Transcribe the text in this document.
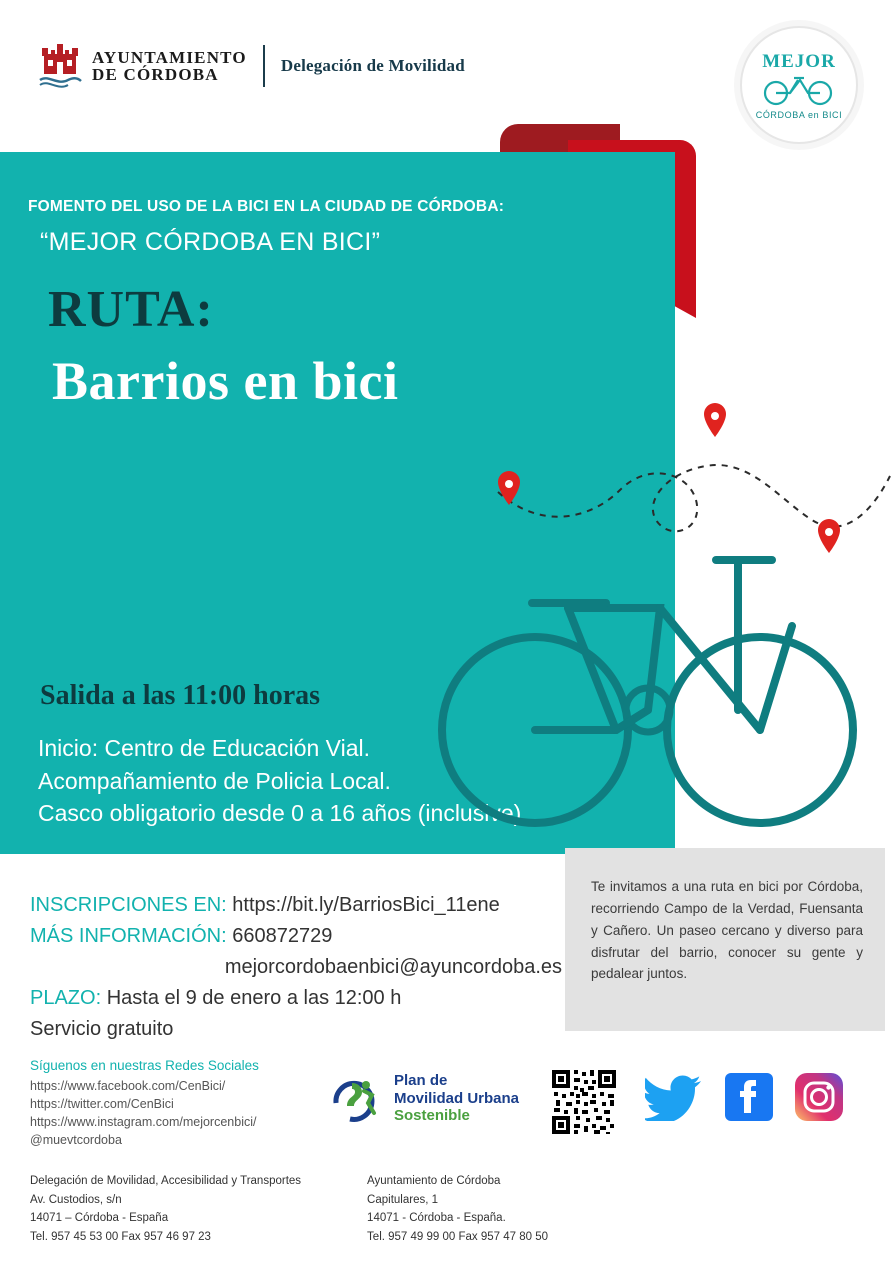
AYUNTAMIENTO
DE CÓRDOBA	Delegación de Movilidad	MEJOR
CÓRDOBA en BICI
FOMENTO DEL USO DE LA BICI EN LA CIUDAD DE CÓRDOBA:
“MEJOR CÓRDOBA EN BICI”
RUTA:
Barrios en bici
Salida a las 11:00 horas
Inicio: Centro de Educación Vial.
Acompañamiento de Policia Local.
Casco obligatorio desde 0 a 16 años (inclusive).

Te invitamos a una ruta en bici por Córdoba, recorriendo Campo de la Verdad, Fuensanta y Cañero. Un paseo cercano y diverso para disfrutar del barrio, conocer su gente y pedalear juntos.

INSCRIPCIONES EN: https://bit.ly/BarriosBici_11ene
MÁS INFORMACIÓN: 660872729
mejorcordobaenbici@ayuncordoba.es
PLAZO: Hasta el 9 de enero a las 12:00 h
Servicio gratuito
Síguenos en nuestras Redes Sociales
https://www.facebook.com/CenBici/
https://twitter.com/CenBici
https://www.instagram.com/mejorcenbici/
@muevtcordoba
Plan de
Movilidad Urbana
Sostenible
Delegación de Movilidad, Accesibilidad y Transportes
Av. Custodios, s/n
14071 – Córdoba - España
Tel. 957 45 53 00 Fax 957 46 97 23
Ayuntamiento de Córdoba
Capitulares, 1
14071 - Córdoba - España.
Tel. 957 49 99 00 Fax 957 47 80 50
